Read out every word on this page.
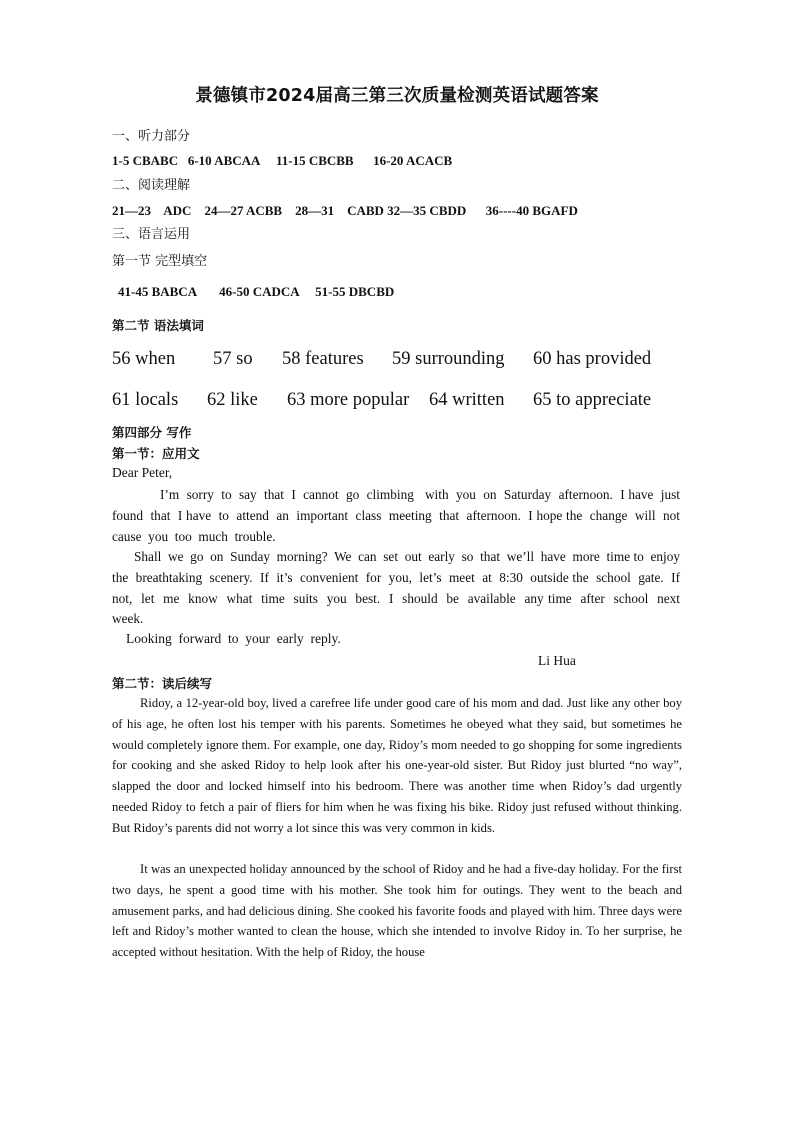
景德镇市2024届高三第三次质量检测英语试题答案
一、听力部分
1-5 CBABC   6-10 ABCAA     11-15 CBCBB      16-20 ACACB
二、阅读理解
21—23    ADC    24—27 ACBB    28—31    CABD 32—35 CBDD      36----40 BGAFD
三、语言运用
第一节 完型填空
41-45 BABCA       46-50 CADCA     51-55 DBCBD
第二节 语法填词
56 when 57 so 58 features 59 surrounding 60 has provided
61 locals 62 like 63 more popular 64 written 65 to appreciate
第四部分 写作
第一节：应用文
Dear Peter,
I’m  sorry  to  say  that  I  cannot  go  climbing   with  you  on  Saturday  afternoon.  I have  just  found  that  I have  to  attend  an  important  class  meeting  that  afternoon.  I hope the  change  will  not  cause  you  too  much  trouble.
Shall  we  go  on  Sunday  morning?  We  can  set  out  early  so  that  we’ll  have  more  time to  enjoy  the  breathtaking  scenery.  If  it’s  convenient  for  you,  let’s  meet  at  8:30  outside the  school  gate.  If  not,  let  me  know  what  time  suits  you  best.  I  should  be  available  any time  after  school  next  week.
Looking  forward  to  your  early  reply.
Li Hua
第二节：读后续写
Ridoy, a 12-year-old boy, lived a carefree life under good care of his mom and dad. Just like any other boy of his age, he often lost his temper with his parents. Sometimes he obeyed what they said, but sometimes he would completely ignore them. For example, one day, Ridoy’s mom needed to go shopping for some ingredients for cooking and she asked Ridoy to help look after his one-year-old sister. But Ridoy just blurted “no way”, slapped the door and locked himself into his bedroom. There was another time when Ridoy’s dad urgently needed Ridoy to fetch a pair of fliers for him when he was fixing his bike. Ridoy just refused without thinking. But Ridoy’s parents did not worry a lot since this was very common in kids.
It was an unexpected holiday announced by the school of Ridoy and he had a five-day holiday. For the first two days, he spent a good time with his mother. She took him for outings. They went to the beach and amusement parks, and had delicious dining. She cooked his favorite foods and played with him. Three days were left and Ridoy’s mother wanted to clean the house, which she intended to involve Ridoy in. To her surprise, he accepted without hesitation. With the help of Ridoy, the house
